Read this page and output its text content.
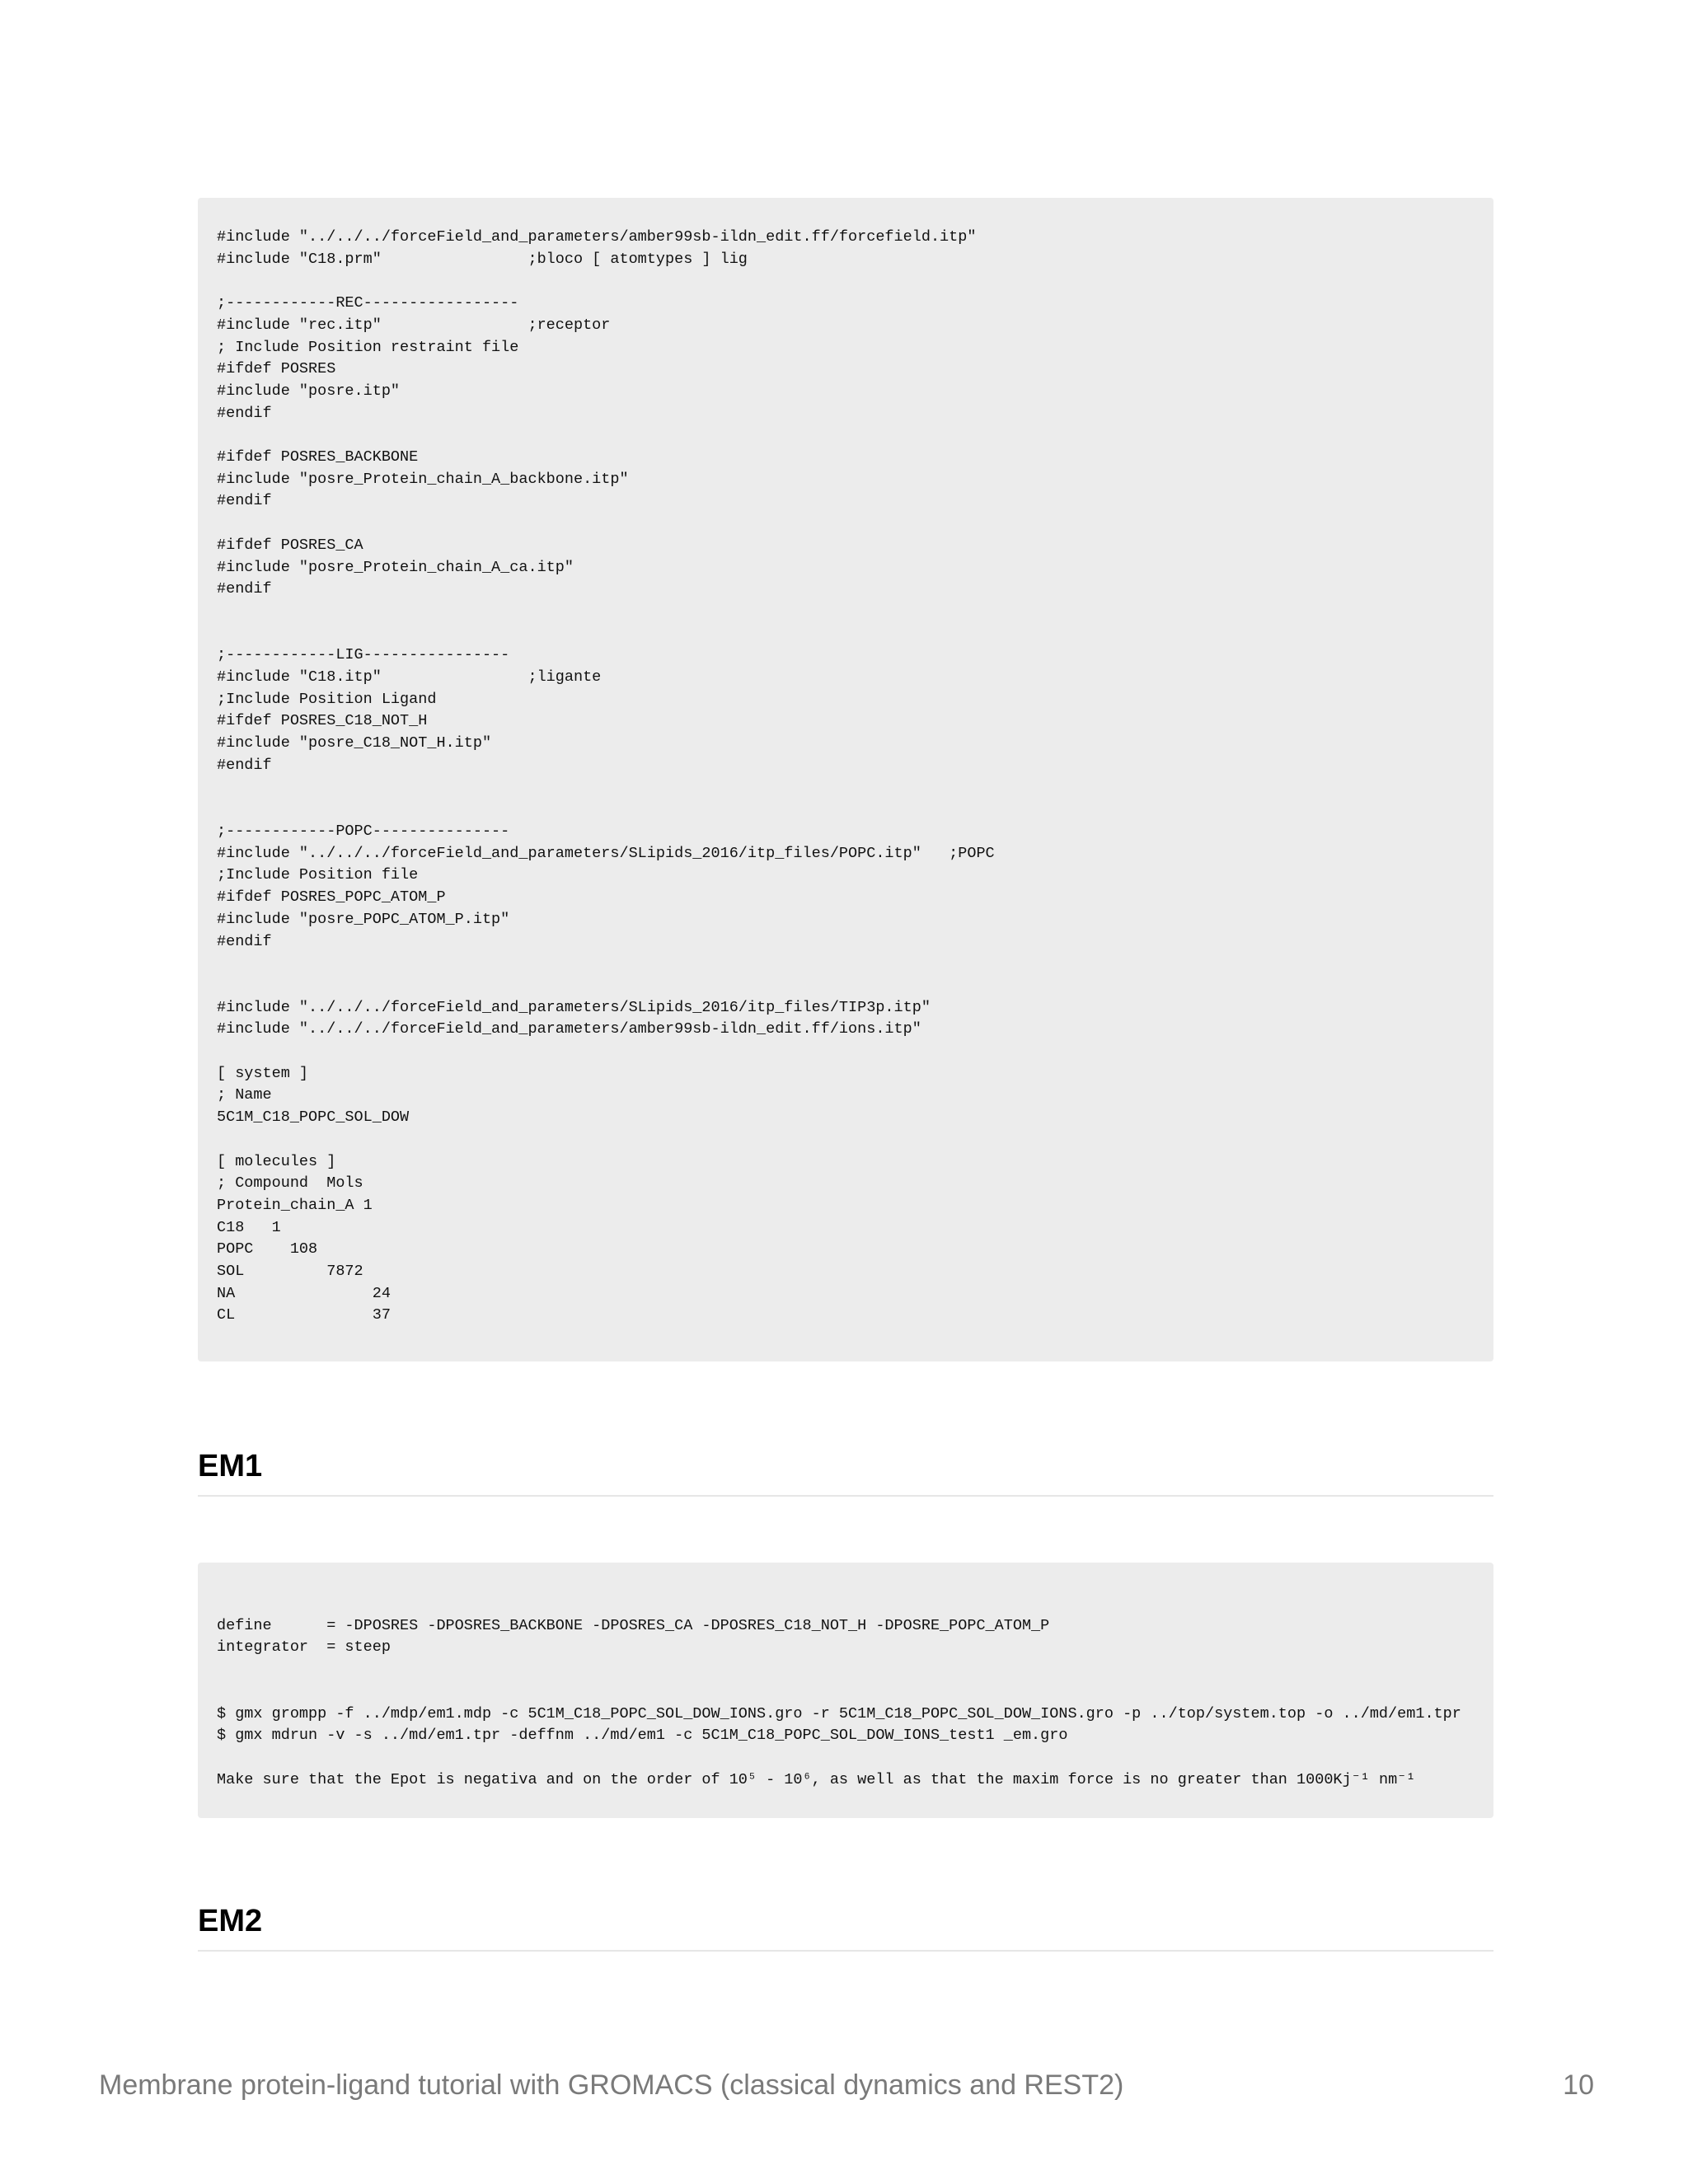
#include "../../../forceField_and_parameters/amber99sb-ildn_edit.ff/forcefield.itp"
#include "C18.prm"                ;bloco [ atomtypes ] lig

;------------REC-----------------
#include "rec.itp"                ;receptor
; Include Position restraint file
#ifdef POSRES
#include "posre.itp"
#endif

#ifdef POSRES_BACKBONE
#include "posre_Protein_chain_A_backbone.itp"
#endif

#ifdef POSRES_CA
#include "posre_Protein_chain_A_ca.itp"
#endif

;------------LIG----------------
#include "C18.itp"                ;ligante
;Include Position Ligand
#ifdef POSRES_C18_NOT_H
#include "posre_C18_NOT_H.itp"
#endif

;------------POPC---------------
#include "../../../forceField_and_parameters/SLipids_2016/itp_files/POPC.itp"   ;POPC
;Include Position file
#ifdef POSRES_POPC_ATOM_P
#include "posre_POPC_ATOM_P.itp"
#endif

#include "../../../forceField_and_parameters/SLipids_2016/itp_files/TIP3p.itp"
#include "../../../forceField_and_parameters/amber99sb-ildn_edit.ff/ions.itp"

[ system ]
; Name
5C1M_C18_POPC_SOL_DOW

[ molecules ]
; Compound  Mols
Protein_chain_A 1
C18   1
POPC    108
SOL         7872
NA               24
CL               37
EM1

define      = -DPOSRES -DPOSRES_BACKBONE -DPOSRES_CA -DPOSRES_C18_NOT_H -DPOSRE_POPC_ATOM_P
integrator  = steep

$ gmx grompp -f ../mdp/em1.mdp -c 5C1M_C18_POPC_SOL_DOW_IONS.gro -r 5C1M_C18_POPC_SOL_DOW_IONS.gro -p ../top/system.top -o ../md/em1.tpr
$ gmx mdrun -v -s ../md/em1.tpr -deffnm ../md/em1 -c 5C1M_C18_POPC_SOL_DOW_IONS_test1 _em.gro

Make sure that the Epot is negativa and on the order of 10⁵ - 10⁶, as well as that the maxim force is no greater than 1000Kj⁻¹ nm⁻¹
EM2
Membrane protein-ligand tutorial with GROMACS (classical dynamics and REST2)	10
